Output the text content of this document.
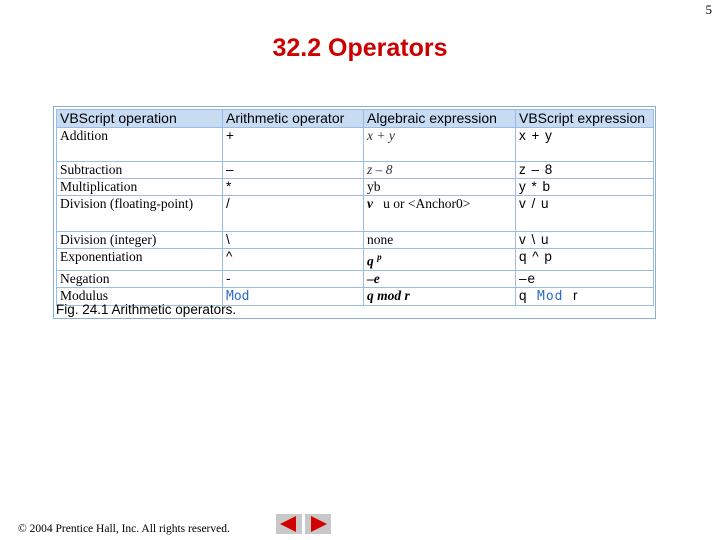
5
32.2 Operators
VBScript operation	Arithmetic operator	Algebraic expression	VBScript expression
Addition	+	x + y	x + y
Subtraction	–	z – 8	z – 8
Multiplication	*	yb	y * b
Division (floating-point)	/	v u or <Anchor0>	v / u
Division (integer)	\	none	v \ u
Exponentiation	^	q $^p$	q ^ p
Negation	-	–e	–e
Modulus	Mod	q mod r	q Mod r
Fig. 24.1 Arithmetic operators.
© 2004 Prentice Hall, Inc. All rights reserved.
